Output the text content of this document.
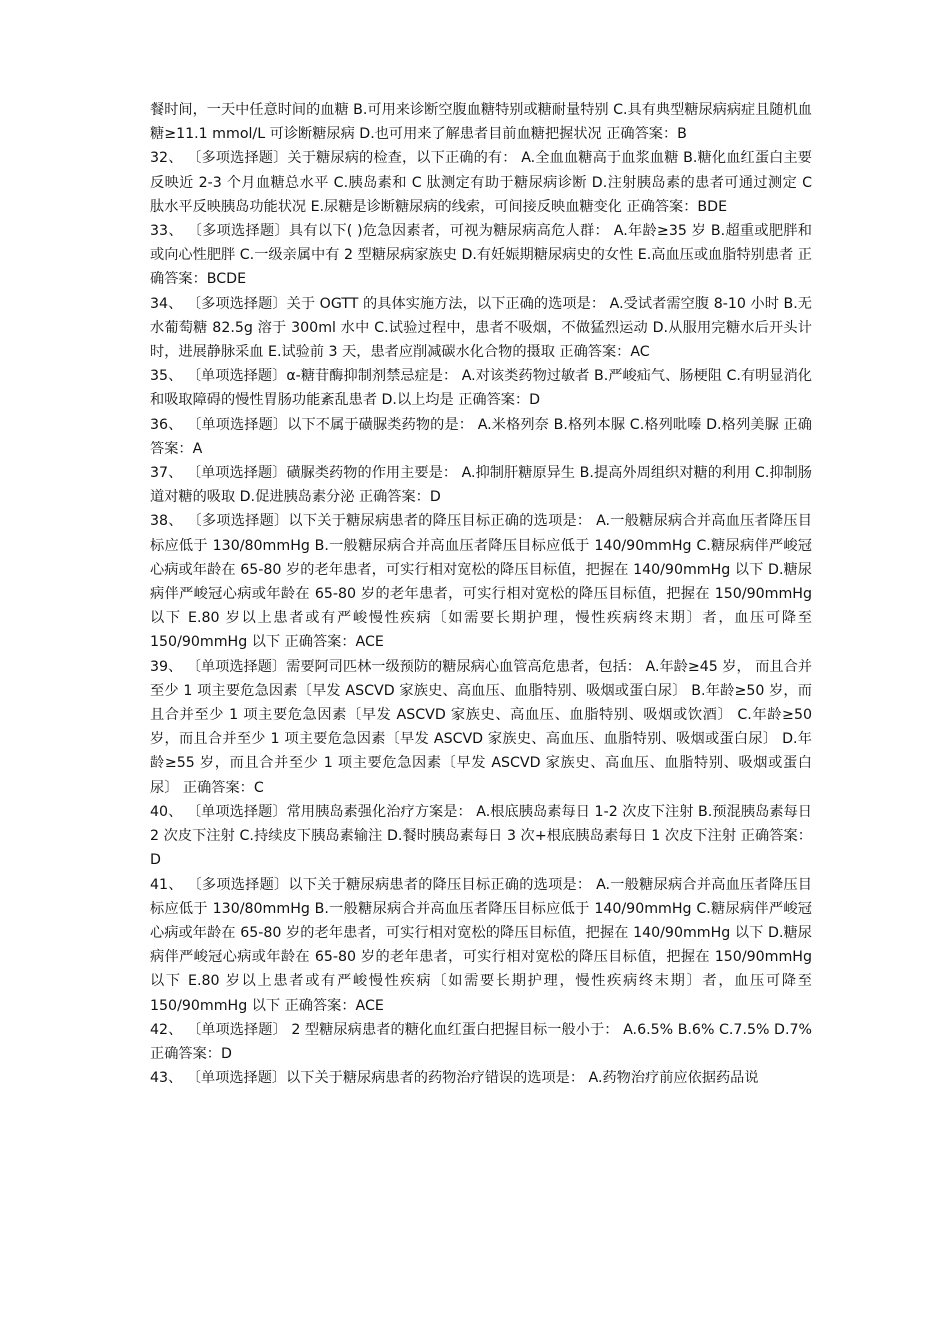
餐时间，一天中任意时间的血糖 B.可用来诊断空腹血糖特别或糖耐量特别 C.具有典型糖尿病病症且随机血糖≥11.1 mmol/L 可诊断糖尿病 D.也可用来了解患者目前血糖把握状况 正确答案：B

32、 〔多项选择题〕关于糖尿病的检查，以下正确的有： A.全血血糖高于血浆血糖 B.糖化血红蛋白主要反映近 2-3 个月血糖总水平 C.胰岛素和 C 肽测定有助于糖尿病诊断 D.注射胰岛素的患者可通过测定 C 肽水平反映胰岛功能状况 E.尿糖是诊断糖尿病的线索，可间接反映血糖变化 正确答案：BDE

33、 〔多项选择题〕具有以下( )危急因素者，可视为糖尿病高危人群： A.年龄≥35 岁 B.超重或肥胖和或向心性肥胖 C.一级亲属中有 2 型糖尿病家族史 D.有妊娠期糖尿病史的女性 E.高血压或血脂特别患者 正确答案：BCDE

34、 〔多项选择题〕关于 OGTT 的具体实施方法，以下正确的选项是： A.受试者需空腹 8-10 小时 B.无水葡萄糖 82.5g 溶于 300ml 水中 C.试验过程中，患者不吸烟，不做猛烈运动 D.从服用完糖水后开头计时，进展静脉采血 E.试验前 3 天，患者应削减碳水化合物的摄取 正确答案：AC

35、 〔单项选择题〕α-糖苷酶抑制剂禁忌症是： A.对该类药物过敏者 B.严峻疝气、肠梗阻 C.有明显消化和吸取障碍的慢性胃肠功能紊乱患者 D.以上均是 正确答案：D

36、 〔单项选择题〕以下不属于磺脲类药物的是： A.米格列奈 B.格列本脲 C.格列吡嗪 D.格列美脲 正确答案：A

37、 〔单项选择题〕磺脲类药物的作用主要是： A.抑制肝糖原异生 B.提高外周组织对糖的利用 C.抑制肠道对糖的吸取 D.促进胰岛素分泌 正确答案：D

38、 〔多项选择题〕以下关于糖尿病患者的降压目标正确的选项是： A.一般糖尿病合并高血压者降压目标应低于 130/80mmHg B.一般糖尿病合并高血压者降压目标应低于 140/90mmHg C.糖尿病伴严峻冠心病或年龄在 65-80 岁的老年患者，可实行相对宽松的降压目标值，把握在 140/90mmHg 以下 D.糖尿病伴严峻冠心病或年龄在 65-80 岁的老年患者，可实行相对宽松的降压目标值，把握在 150/90mmHg 以下 E.80 岁以上患者或有严峻慢性疾病〔如需要长期护理，慢性疾病终末期〕者，血压可降至 150/90mmHg 以下 正确答案：ACE

39、 〔单项选择题〕需要阿司匹林一级预防的糖尿病心血管高危患者，包括： A.年龄≥45 岁， 而且合并至少 1 项主要危急因素〔早发 ASCVD 家族史、高血压、血脂特别、吸烟或蛋白尿〕 B.年龄≥50 岁，而且合并至少 1 项主要危急因素〔早发 ASCVD 家族史、高血压、血脂特别、吸烟或饮酒〕 C.年龄≥50 岁，而且合并至少 1 项主要危急因素〔早发 ASCVD 家族史、高血压、血脂特别、吸烟或蛋白尿〕 D.年龄≥55 岁，而且合并至少 1 项主要危急因素〔早发 ASCVD 家族史、高血压、血脂特别、吸烟或蛋白尿〕 正确答案：C

40、 〔单项选择题〕常用胰岛素强化治疗方案是： A.根底胰岛素每日 1-2 次皮下注射 B.预混胰岛素每日 2 次皮下注射 C.持续皮下胰岛素输注 D.餐时胰岛素每日 3 次+根底胰岛素每日 1 次皮下注射 正确答案：D

41、 〔多项选择题〕以下关于糖尿病患者的降压目标正确的选项是： A.一般糖尿病合并高血压者降压目标应低于 130/80mmHg B.一般糖尿病合并高血压者降压目标应低于 140/90mmHg C.糖尿病伴严峻冠心病或年龄在 65-80 岁的老年患者，可实行相对宽松的降压目标值，把握在 140/90mmHg 以下 D.糖尿病伴严峻冠心病或年龄在 65-80 岁的老年患者，可实行相对宽松的降压目标值，把握在 150/90mmHg 以下 E.80 岁以上患者或有严峻慢性疾病〔如需要长期护理，慢性疾病终末期〕者，血压可降至 150/90mmHg 以下 正确答案：ACE

42、 〔单项选择题〕 2 型糖尿病患者的糖化血红蛋白把握目标一般小于： A.6.5% B.6% C.7.5% D.7% 正确答案：D

43、 〔单项选择题〕以下关于糖尿病患者的药物治疗错误的选项是： A.药物治疗前应依据药品说
